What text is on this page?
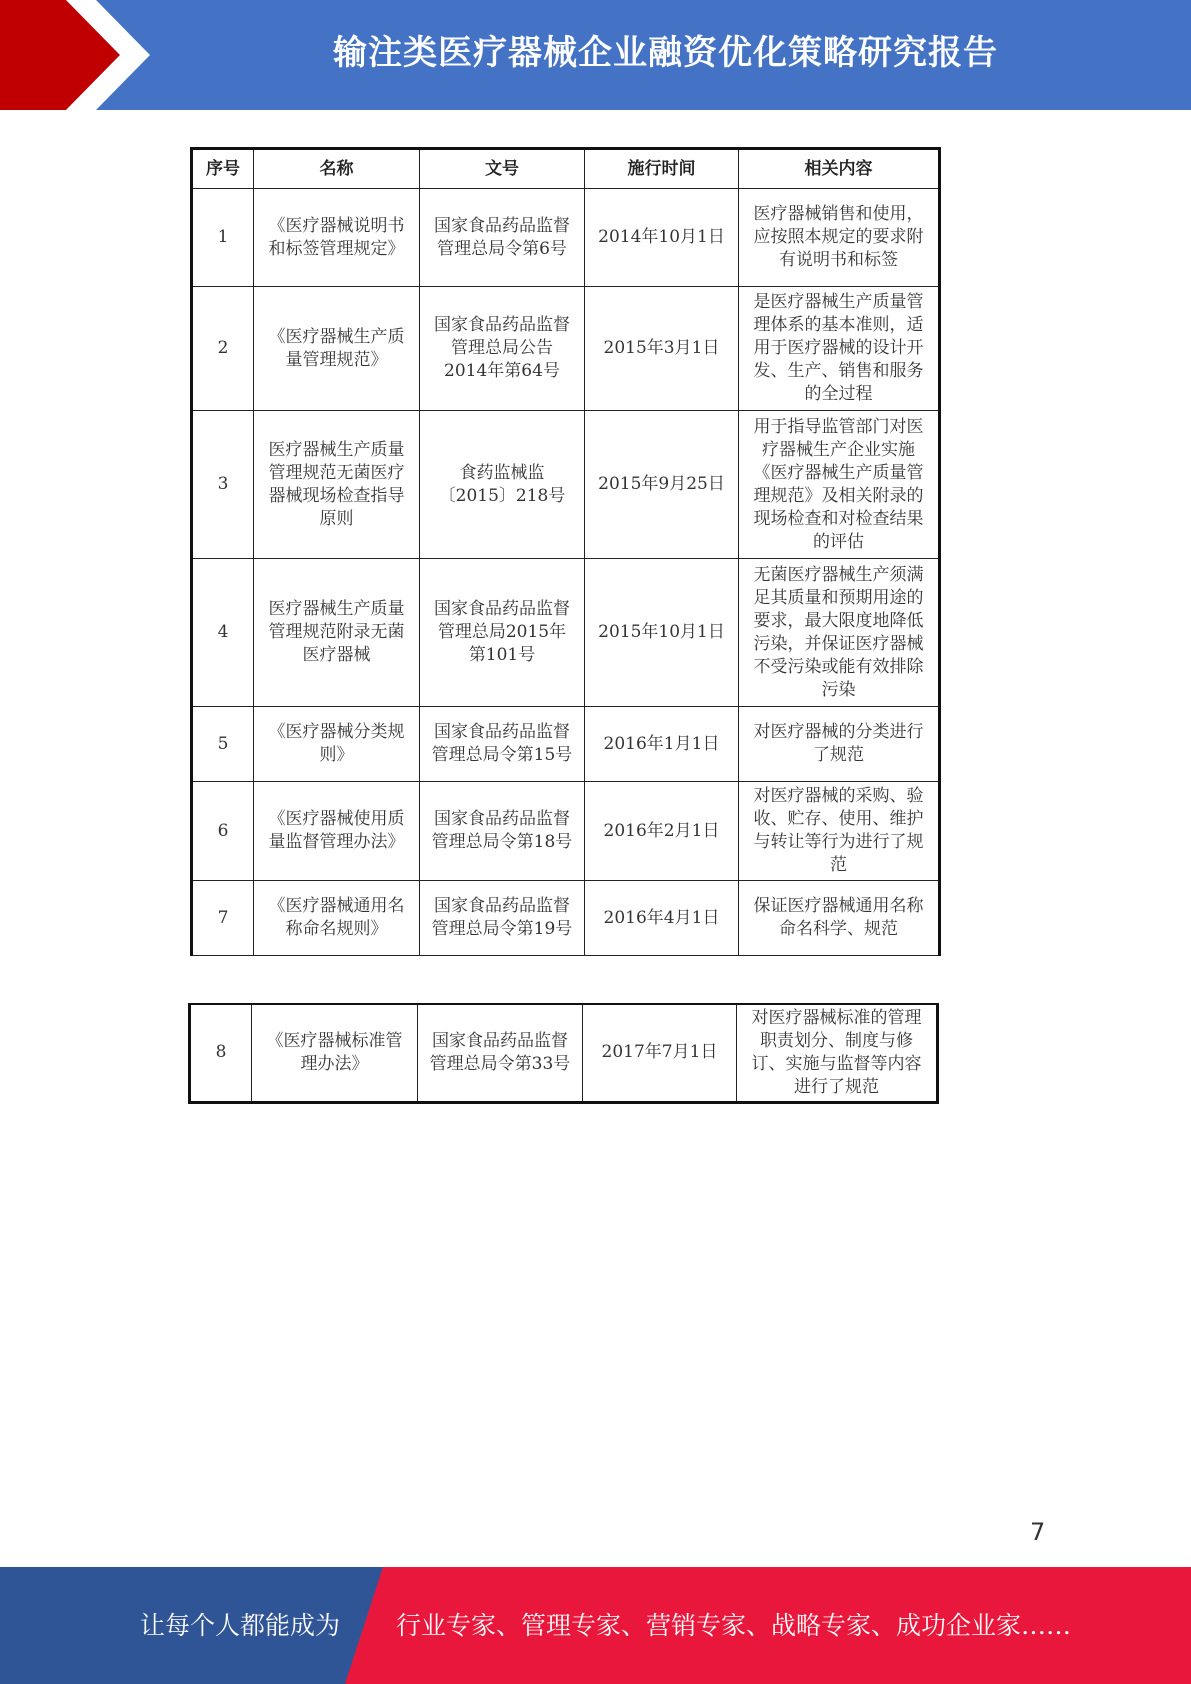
输注类医疗器械企业融资优化策略研究报告
序号	名称	文号	施行时间	相关内容
1	《医疗器械说明书和标签管理规定》	国家食品药品监督管理总局令第6号	2014年10月1日	医疗器械销售和使用，应按照本规定的要求附有说明书和标签
2	《医疗器械生产质量管理规范》	国家食品药品监督管理总局公告2014年第64号	2015年3月1日	是医疗器械生产质量管理体系的基本准则，适用于医疗器械的设计开发、生产、销售和服务的全过程
3	医疗器械生产质量管理规范无菌医疗器械现场检查指导原则	食药监械监〔2015〕218号	2015年9月25日	用于指导监管部门对医疗器械生产企业实施《医疗器械生产质量管理规范》及相关附录的现场检查和对检查结果的评估
4	医疗器械生产质量管理规范附录无菌医疗器械	国家食品药品监督管理总局2015年第101号	2015年10月1日	无菌医疗器械生产须满足其质量和预期用途的要求，最大限度地降低污染，并保证医疗器械不受污染或能有效排除污染
5	《医疗器械分类规则》	国家食品药品监督管理总局令第15号	2016年1月1日	对医疗器械的分类进行了规范
6	《医疗器械使用质量监督管理办法》	国家食品药品监督管理总局令第18号	2016年2月1日	对医疗器械的采购、验收、贮存、使用、维护与转让等行为进行了规范
7	《医疗器械通用名称命名规则》	国家食品药品监督管理总局令第19号	2016年4月1日	保证医疗器械通用名称命名科学、规范
8	《医疗器械标准管理办法》	国家食品药品监督管理总局令第33号	2017年7月1日	对医疗器械标准的管理职责划分、制度与修订、实施与监督等内容进行了规范
7
让每个人都能成为 行业专家、管理专家、营销专家、战略专家、成功企业家……
